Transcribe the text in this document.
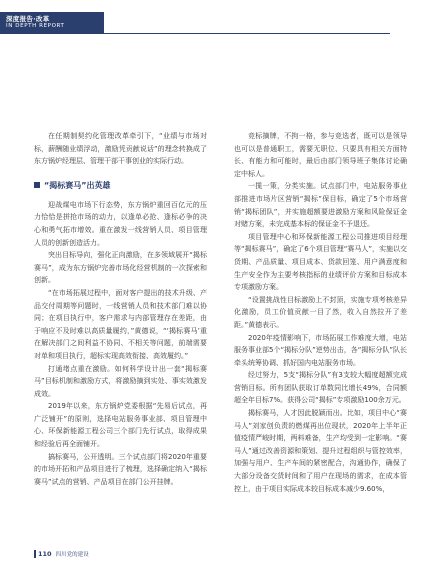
深度报告·改革
IN DEPTH REPORT

在任期制契约化管理改革牵引下，“业绩与市场对标，薪酬随业绩浮动，激励凭贡献说话”的理念转换成了东方锅炉经理层、管理干部干事创业的实际行动。

“揭标赛马”出英雄

迎战煤电市场下行态势，东方锅炉重回百亿元的压力恰恰是拼抢市场的动力，以逢单必抢、逢标必争的决心和勇气拓市增效。重在激发一线营销人员、项目管理人员的创新创造活力。

突出目标导向，强化正向激励，在多领域展开“揭标赛马”，成为东方锅炉完善市场化经营机制的一次探索和创新。

“在市场拓展过程中，面对客户提出的技术升级、产品交付周期等问题时，一线营销人员和技术部门难以协同；在项目执行中，客户需求与内部管理存在差距，由于响应不及时难以高质量履约，”黄德说，“‘揭标赛马’重在解决部门之间利益不协同、不相关等问题，前端需要对单和项目执行，超标实现高效衔接、高效履约。”

打通堵点重在激励。如何科学设计出一套“揭标赛马”目标机制和激励方式，将激励摘到实处、事实效激发成效。

2019年以来，东方锅炉党委根据“先易后试点，再广泛铺开”的原则，选择电站服务事业部、项目管理中心、环保新能源工程公司三个部门先行试点，取得成果和经验后再全面铺开。

搞标赛马，公开透明。三个试点部门将2020年重要的市场开拓和产品项目进行了梳理，选择确定纳入“揭标赛马”试点的营销、产品项目在部门公开挂牌。

竞标摘牌，不拘一格，参与竞选者，既可以是领导也可以是普通职工，需要无职位、只要具有相关方面特长、有能力和可能时，最后由部门领导班子集体讨论确定中标人。

一揽一策，分类实施。试点部门中，电站服务事业部推进市场片区营销“揭标”保目标，确定了5个市场营销“揭标团队”，并实施超额要进激励方案和风险保证金对赌方案，未完成基本标的保证金不予退还。

项目管理中心和环保新能源工程公司推进项目经理等“揭标赛马”，确定了6个项目管理“赛马人”，实施以交货期、产品质量、项目成本、货款回笼、用户满意度和生产安全作为主要考核指标的业绩评价方案和目标成本专项激励方案。

“设置挑战性目标激励上不封顶，实施专项考核差异化激励，员工价值贡献一目了然，收入自然拉开了差距。”黄德表示。

2020年疫情影响下，市场拓展工作难度大增，电站服务事业部5个“揭标分队”逆势出击，各“揭标分队”队长牵头统筹协调、抓好国内电站服务市场。

经过努力，5支“揭标分队”有3支较大幅度超额完成营销目标。所有团队获取订单数同比增长49%，合同额超全年目标7%。获得公司“揭标”专项激励100余万元。

揭标赛马，人才因此脱颖而出。比如，项目中心“赛马人”刘家创负责的燃煤再出位现状，2020年上半年正值疫情严峻时期，两料难备，生产均受到一定影响。“赛马人”通过改善资源和策划、提升过程组织与管控效率，加强与用户、生产车间的紧密配合，沟通协作，确保了大部分设备交货时间和了用户在现场的需求，在成本管控上，由于项目实际成本较目标成本减少9.60%，

110 四川党的建设
